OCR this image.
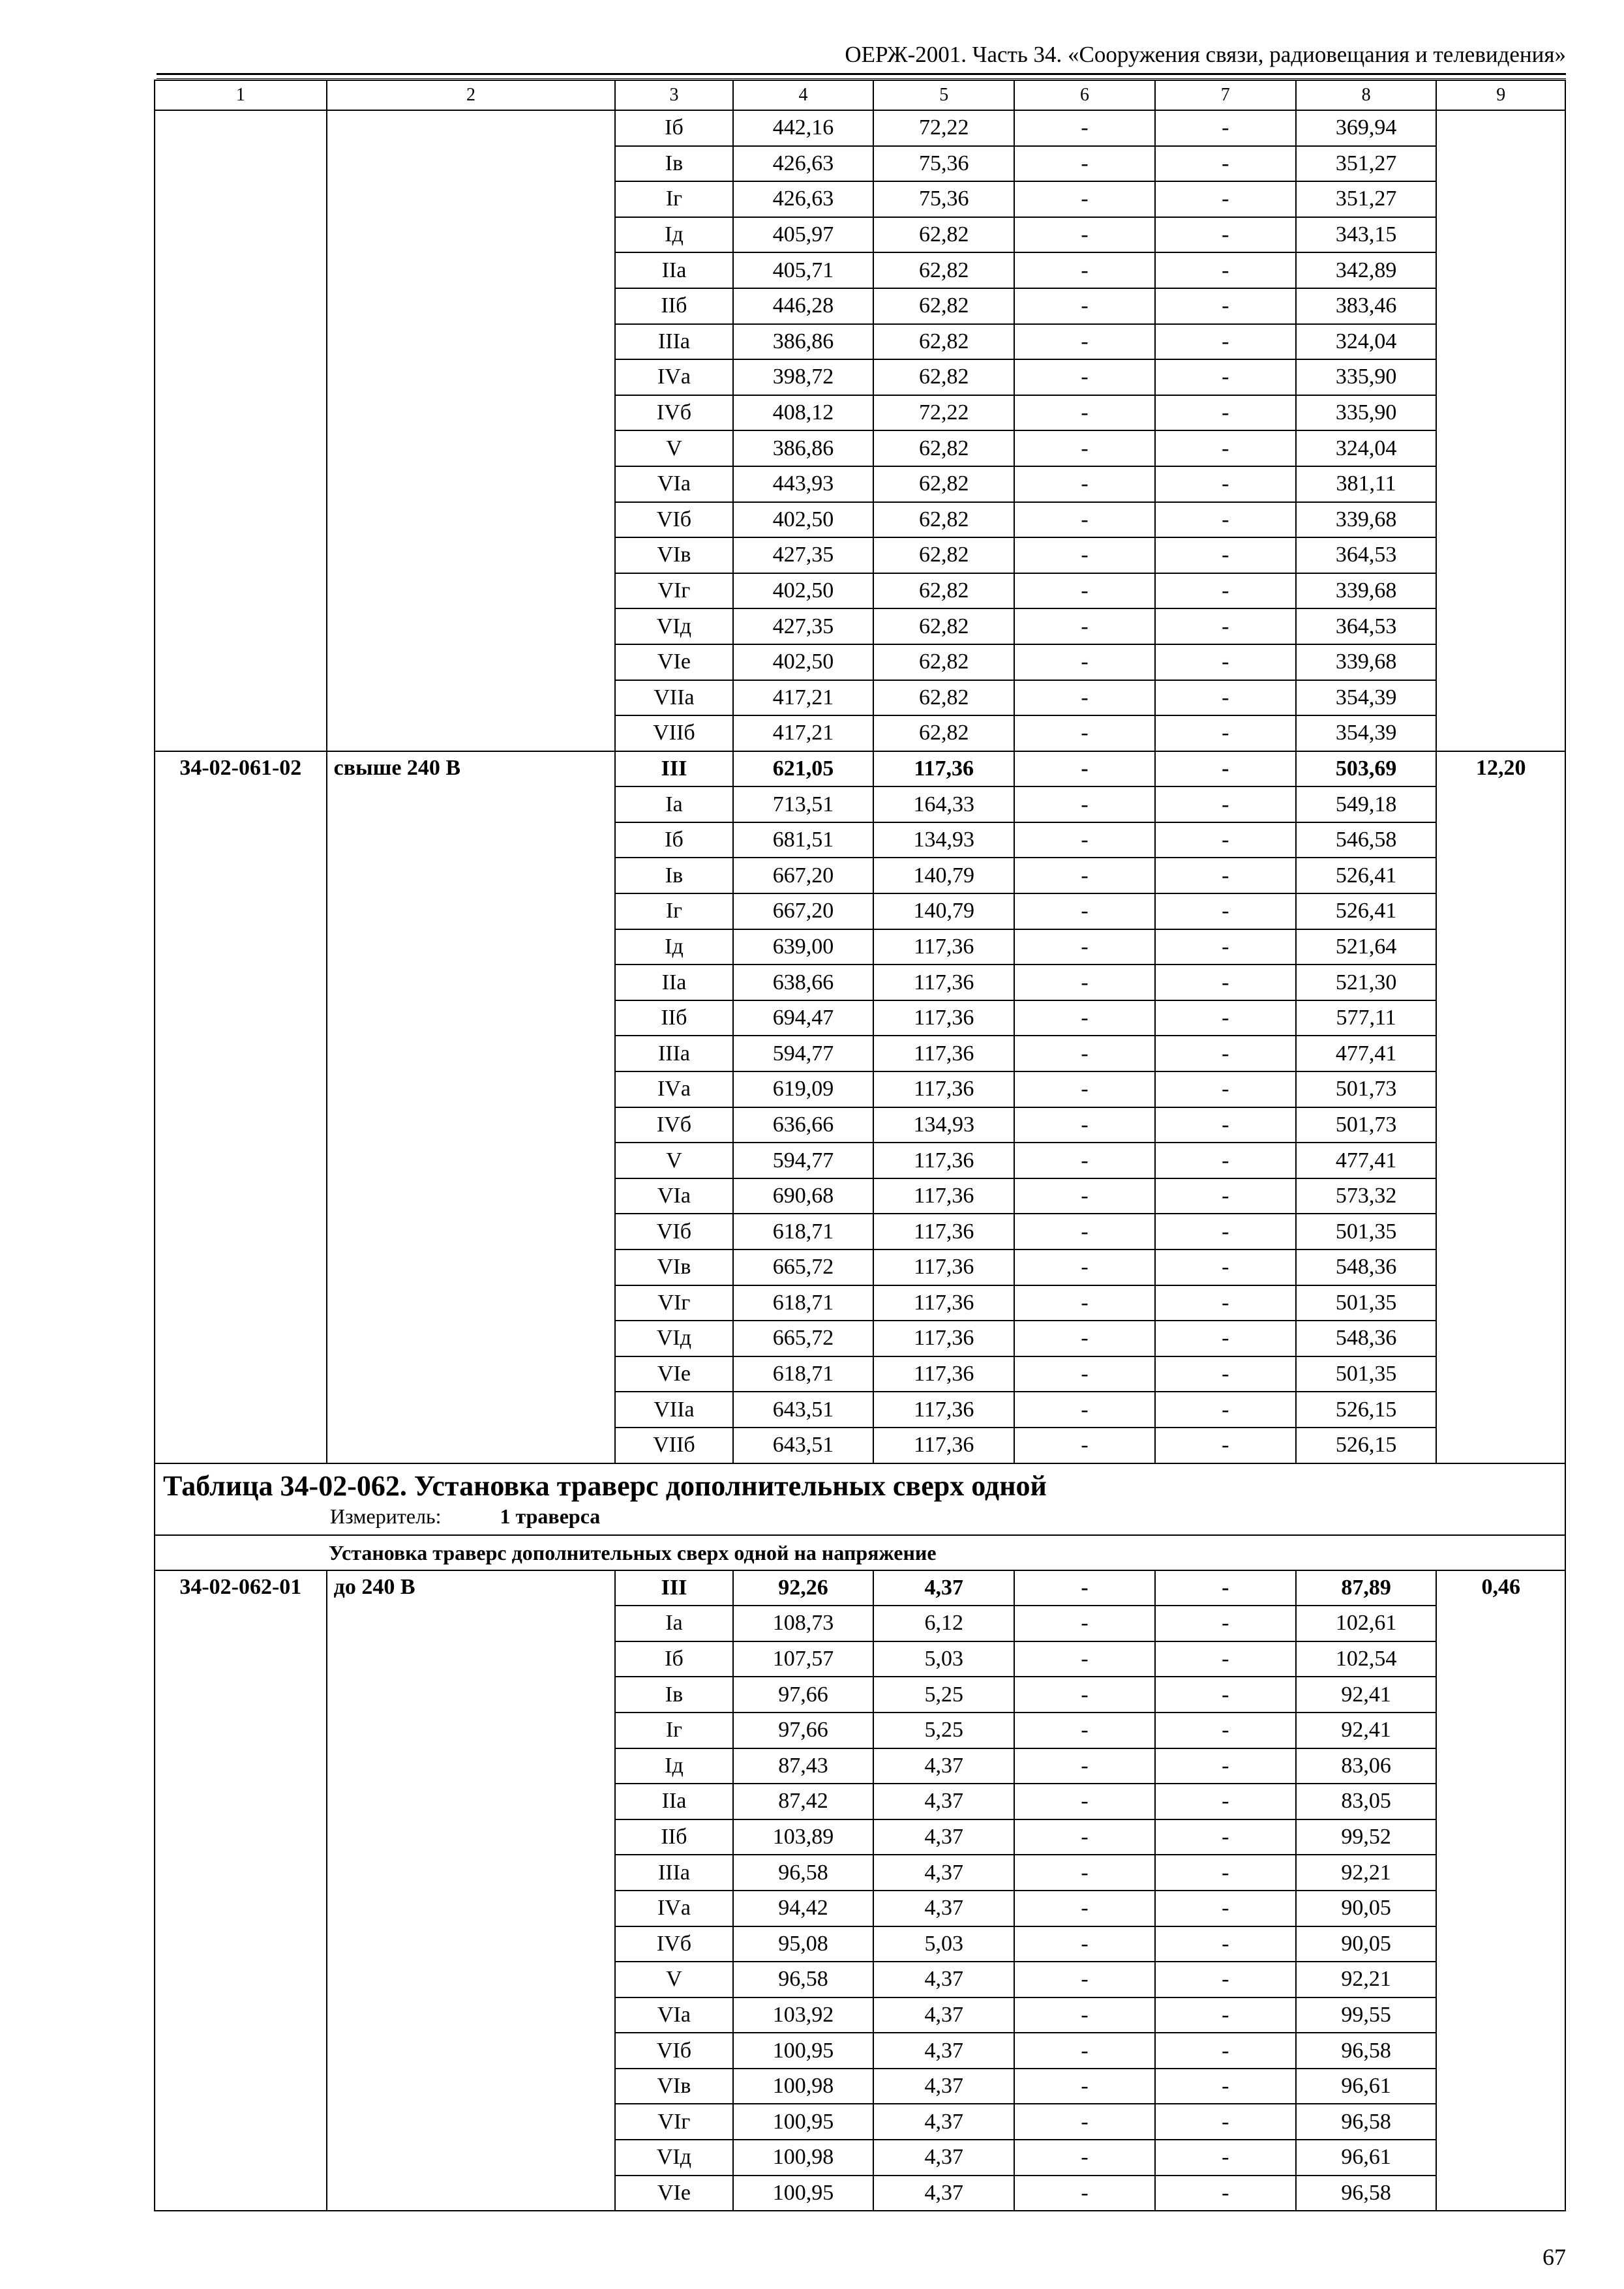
ОЕРЖ-2001. Часть 34. «Сооружения связи, радиовещания и телевидения»
1	2	3	4	5	6	7	8	9
		Iб	442,16	72,22	-	-	369,94	
		Iв	426,63	75,36	-	-	351,27	
		Iг	426,63	75,36	-	-	351,27	
		Iд	405,97	62,82	-	-	343,15	
		IIа	405,71	62,82	-	-	342,89	
		IIб	446,28	62,82	-	-	383,46	
		IIIа	386,86	62,82	-	-	324,04	
		IVа	398,72	62,82	-	-	335,90	
		IVб	408,12	72,22	-	-	335,90	
		V	386,86	62,82	-	-	324,04	
		VIа	443,93	62,82	-	-	381,11	
		VIб	402,50	62,82	-	-	339,68	
		VIв	427,35	62,82	-	-	364,53	
		VIг	402,50	62,82	-	-	339,68	
		VIд	427,35	62,82	-	-	364,53	
		VIе	402,50	62,82	-	-	339,68	
		VIIа	417,21	62,82	-	-	354,39	
		VIIб	417,21	62,82	-	-	354,39	
34-02-061-02	свыше 240 В	III	621,05	117,36	-	-	503,69	12,20
		Iа	713,51	164,33	-	-	549,18	
		Iб	681,51	134,93	-	-	546,58	
		Iв	667,20	140,79	-	-	526,41	
		Iг	667,20	140,79	-	-	526,41	
		Iд	639,00	117,36	-	-	521,64	
		IIа	638,66	117,36	-	-	521,30	
		IIб	694,47	117,36	-	-	577,11	
		IIIа	594,77	117,36	-	-	477,41	
		IVа	619,09	117,36	-	-	501,73	
		IVб	636,66	134,93	-	-	501,73	
		V	594,77	117,36	-	-	477,41	
		VIа	690,68	117,36	-	-	573,32	
		VIб	618,71	117,36	-	-	501,35	
		VIв	665,72	117,36	-	-	548,36	
		VIг	618,71	117,36	-	-	501,35	
		VIд	665,72	117,36	-	-	548,36	
		VIе	618,71	117,36	-	-	501,35	
		VIIа	643,51	117,36	-	-	526,15	
		VIIб	643,51	117,36	-	-	526,15	

Таблица 34-02-062. Установка траверс дополнительных сверх одной
Измеритель: 1 траверса								

Установка траверс дополнительных сверх одной на напряжение								
34-02-062-01	до 240 В	III	92,26	4,37	-	-	87,89	0,46
		Iа	108,73	6,12	-	-	102,61	
		Iб	107,57	5,03	-	-	102,54	
		Iв	97,66	5,25	-	-	92,41	
		Iг	97,66	5,25	-	-	92,41	
		Iд	87,43	4,37	-	-	83,06	
		IIа	87,42	4,37	-	-	83,05	
		IIб	103,89	4,37	-	-	99,52	
		IIIа	96,58	4,37	-	-	92,21	
		IVа	94,42	4,37	-	-	90,05	
		IVб	95,08	5,03	-	-	90,05	
		V	96,58	4,37	-	-	92,21	
		VIа	103,92	4,37	-	-	99,55	
		VIб	100,95	4,37	-	-	96,58	
		VIв	100,98	4,37	-	-	96,61	
		VIг	100,95	4,37	-	-	96,58	
		VIд	100,98	4,37	-	-	96,61	
		VIе	100,95	4,37	-	-	96,58	
67
